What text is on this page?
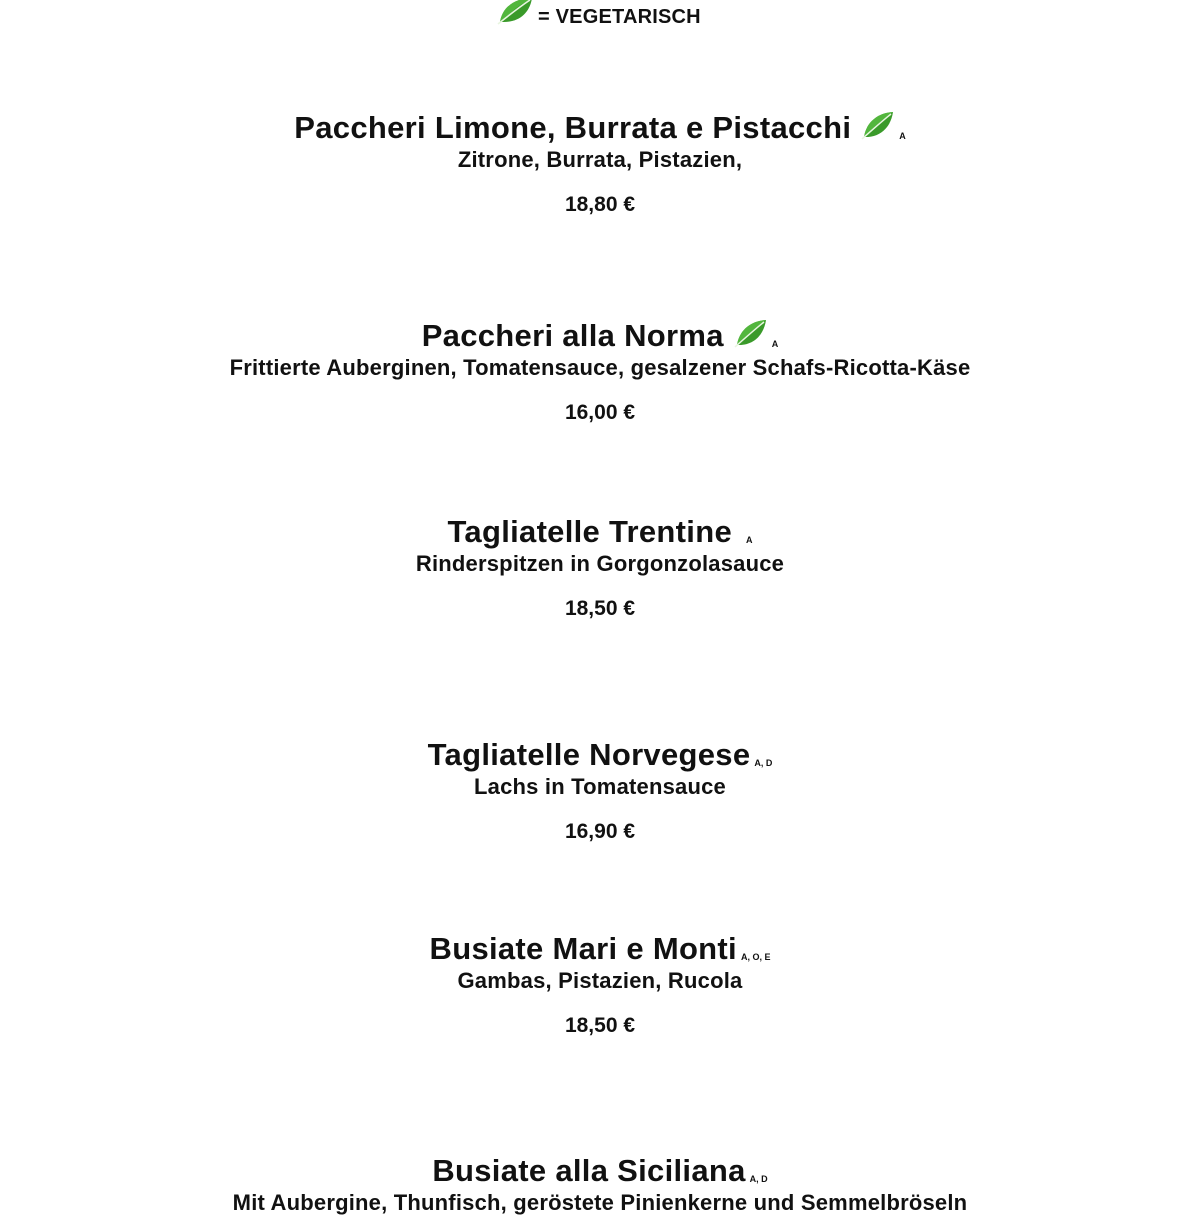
= VEGETARISCH
Paccheri Limone, Burrata e Pistacchi	A
Zitrone, Burrata, Pistazien,
18,80 €
Paccheri alla Norma	A
Frittierte Auberginen, Tomatensauce, gesalzener Schafs-Ricotta-Käse
16,00 €
Tagliatelle Trentine A
Rinderspitzen in Gorgonzolasauce
18,50 €
Tagliatelle Norvegese A, D
Lachs in Tomatensauce
16,90 €
Busiate Mari e Monti A, O, E
Gambas, Pistazien, Rucola
18,50 €
Busiate alla Siciliana A, D
Mit Aubergine, Thunfisch, geröstete Pinienkerne und Semmelbröseln
